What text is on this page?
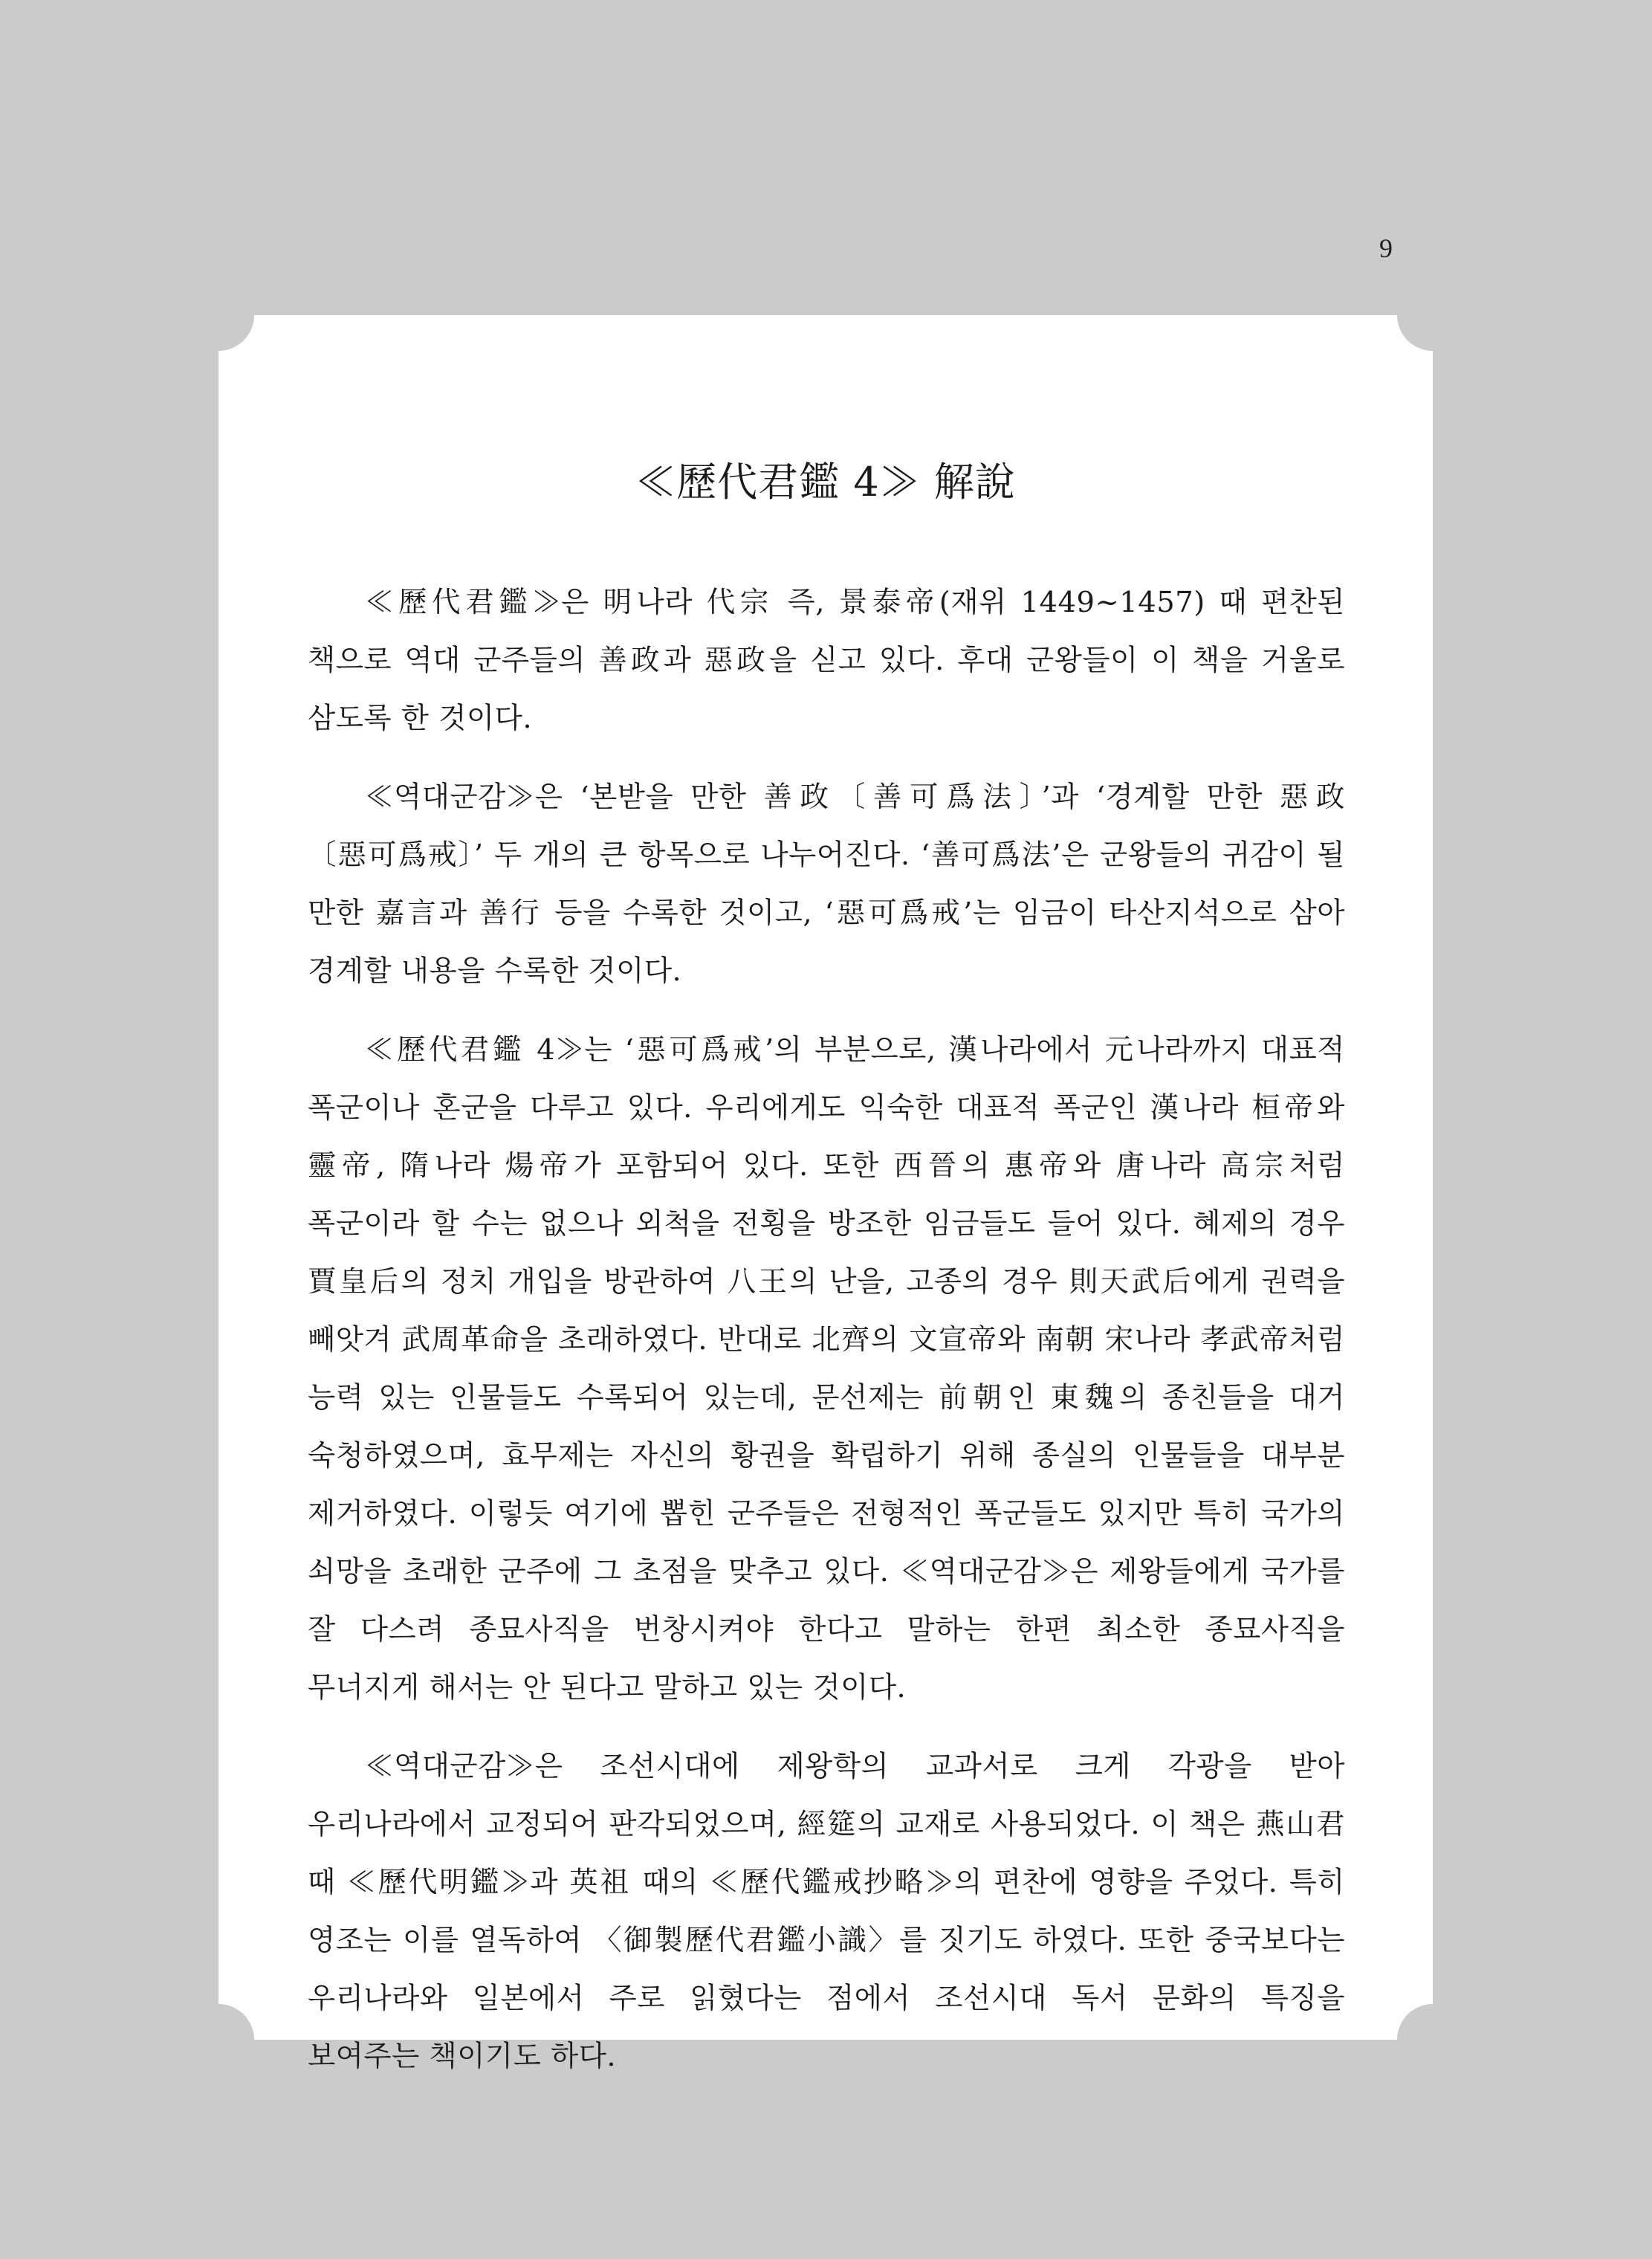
9
≪歷代君鑑 4≫ 解說

≪歷代君鑑≫은 明나라 代宗 즉, 景泰帝(재위 1449~1457) 때 편찬된 책으로 역대 군주들의 善政과 惡政을 싣고 있다. 후대 군왕들이 이 책을 거울로 삼도록 한 것이다.

≪역대군감≫은 ‘본받을 만한 善政〔善可爲法〕’과 ‘경계할 만한 惡政〔惡可爲戒〕’ 두 개의 큰 항목으로 나누어진다. ‘善可爲法’은 군왕들의 귀감이 될 만한 嘉言과 善行 등을 수록한 것이고, ‘惡可爲戒’는 임금이 타산지석으로 삼아 경계할 내용을 수록한 것이다.

≪歷代君鑑 4≫는 ‘惡可爲戒’의 부분으로, 漢나라에서 元나라까지 대표적 폭군이나 혼군을 다루고 있다. 우리에게도 익숙한 대표적 폭군인 漢나라 桓帝와 靈帝, 隋나라 煬帝가 포함되어 있다. 또한 西晉의 惠帝와 唐나라 高宗처럼 폭군이라 할 수는 없으나 외척을 전횡을 방조한 임금들도 들어 있다. 혜제의 경우 賈皇后의 정치 개입을 방관하여 八王의 난을, 고종의 경우 則天武后에게 권력을 빼앗겨 武周革命을 초래하였다. 반대로 北齊의 文宣帝와 南朝 宋나라 孝武帝처럼 능력 있는 인물들도 수록되어 있는데, 문선제는 前朝인 東魏의 종친들을 대거 숙청하였으며, 효무제는 자신의 황권을 확립하기 위해 종실의 인물들을 대부분 제거하였다. 이렇듯 여기에 뽑힌 군주들은 전형적인 폭군들도 있지만 특히 국가의 쇠망을 초래한 군주에 그 초점을 맞추고 있다. ≪역대군감≫은 제왕들에게 국가를 잘 다스려 종묘사직을 번창시켜야 한다고 말하는 한편 최소한 종묘사직을 무너지게 해서는 안 된다고 말하고 있는 것이다.

≪역대군감≫은 조선시대에 제왕학의 교과서로 크게 각광을 받아 우리나라에서 교정되어 판각되었으며, 經筵의 교재로 사용되었다. 이 책은 燕山君 때 ≪歷代明鑑≫과 英祖 때의 ≪歷代鑑戒抄略≫의 편찬에 영향을 주었다. 특히 영조는 이를 열독하여 〈御製歷代君鑑小識〉를 짓기도 하였다. 또한 중국보다는 우리나라와 일본에서 주로 읽혔다는 점에서 조선시대 독서 문화의 특징을 보여주는 책이기도 하다.
